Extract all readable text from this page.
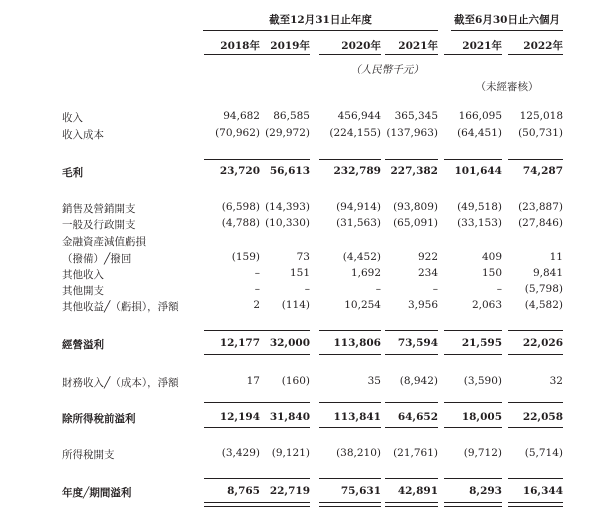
截至12月31日止年度	截至6月30日止六個月
2018年 2019年	2020年	2021年	2021年	2022年
（人民幣千元）
（未經審核）
收入	94,682	86,585	456,944	365,345	166,095	125,018
收入成本	(70,962) (29,972)	(224,155) (137,963)	(64,451)	(50,731)
毛利	23,720 56,613	232,789 227,382	101,644	74,287
銷售及營銷開支	(6,598) (14,393)	(94,914)	(93,809)	(49,518)	(23,887)
一般及行政開支	(4,788) (10,330)	(31,563)	(65,091)	(33,153)	(27,846)
金融資產減值虧損
（撥備）╱撥回	(159)	73	(4,452)	922	409	11
其他收入	–	151	1,692	234	150	9,841
其他開支	–	–	–	–	–	(5,798)
其他收益╱（虧損），淨額	2	(114)	10,254	3,956	2,063	(4,582)
經營溢利	12,177 32,000	113,806	73,594	21,595	22,026
財務收入╱（成本），淨額	17	(160)	35	(8,942)	(3,590)	32
除所得稅前溢利	12,194 31,840	113,841	64,652	18,005	22,058
所得稅開支	(3,429)	(9,121)	(38,210)	(21,761)	(9,712)	(5,714)
年度╱期間溢利	8,765 22,719	75,631	42,891	8,293	16,344
